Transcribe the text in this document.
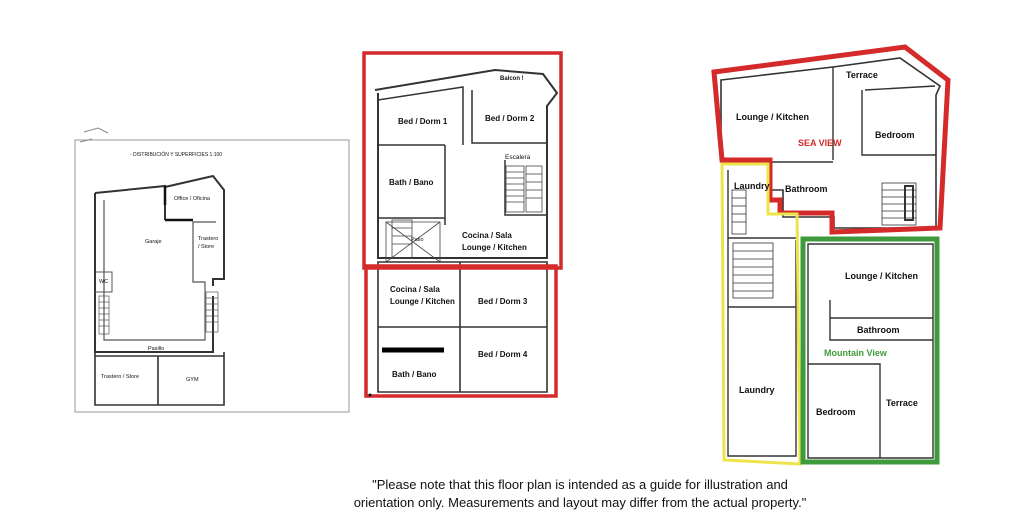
- DISTRIBUCIÓN Y SUPERFICIES 1:100
Office / Oficina
Garaje	Trastero
/ Store
WC
Pasillo
Trastero / Store	GYM
Balcon !
Bed / Dorm 1	Bed / Dorm 2
Escalera
Bath / Bano
Patio	Cocina / Sala
Lounge / Kitchen
Cocina / Sala
Lounge / Kitchen	Bed / Dorm 3
Bath / Bano
Bed / Dorm 4
Terrace
Lounge / Kitchen
Bedroom
SEA VIEW
Laundry Bathroom
Lounge / Kitchen
Bathroom
Mountain View
Laundry
Bedroom
Terrace
"Please note that this floor plan is intended as a guide for illustration and
orientation only. Measurements and layout may differ from the actual property."
